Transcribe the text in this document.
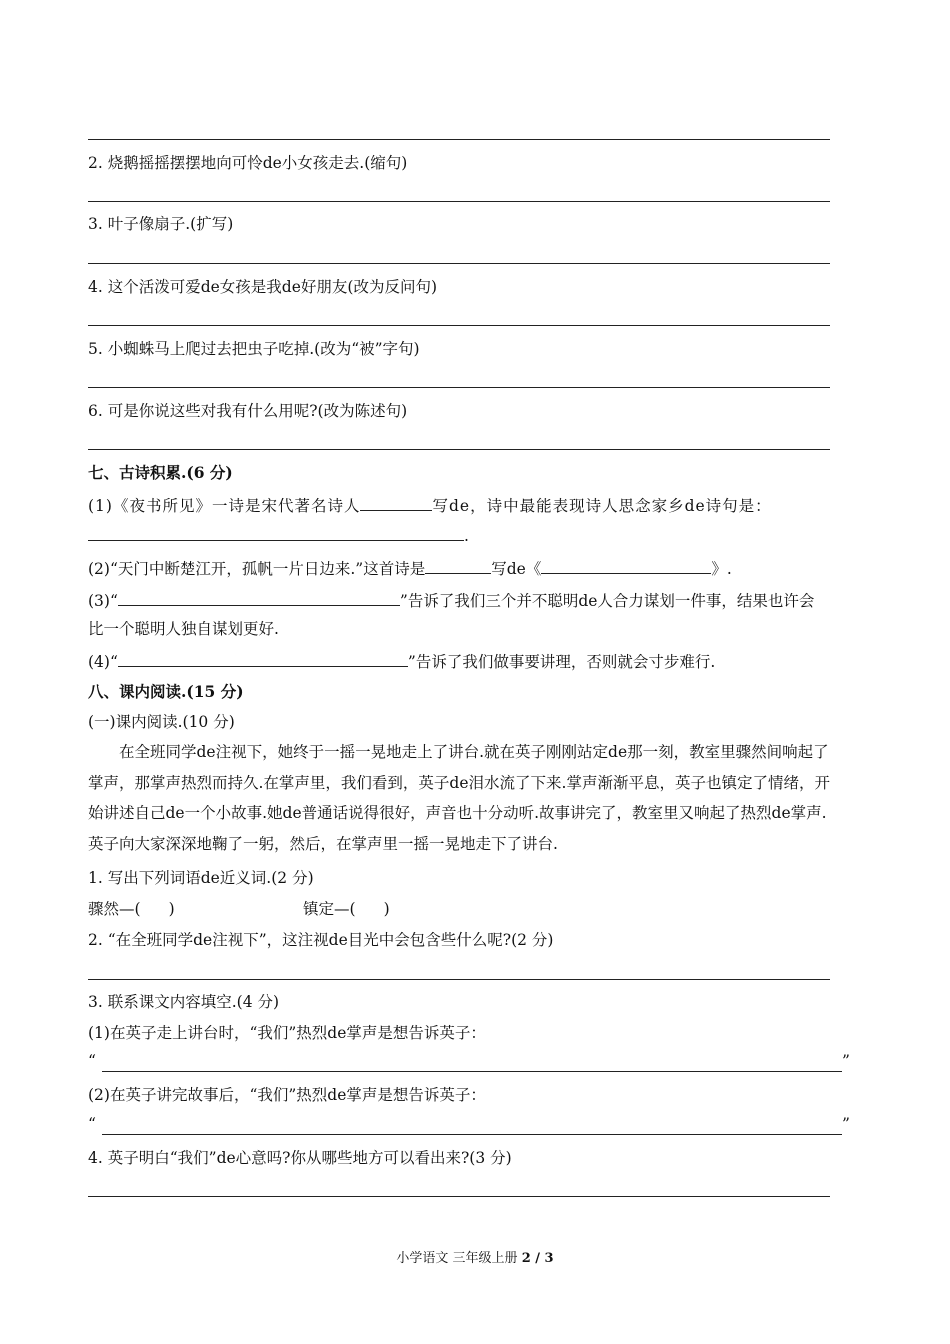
2. 烧鹅摇摇摆摆地向可怜de小女孩走去.(缩句)
3. 叶子像扇子.(扩写)
4. 这个活泼可爱de女孩是我de好朋友(改为反问句)
5. 小蜘蛛马上爬过去把虫子吃掉.(改为“被”字句)
6. 可是你说这些对我有什么用呢?(改为陈述句)
七、古诗积累.(6 分)
(1)《夜书所见》一诗是宋代著名诗人	写de，诗中最能表现诗人思念家乡de诗句是：
.
(2)“天门中断楚江开，孤帆一片日边来.”这首诗是	写de《	》.
(3)“	”告诉了我们三个并不聪明de人合力谋划一件事，结果也许会
比一个聪明人独自谋划更好.
(4)“	”告诉了我们做事要讲理，否则就会寸步难行.
八、课内阅读.(15 分)
(一)课内阅读.(10 分)

在全班同学de注视下，她终于一摇一晃地走上了讲台.就在英子刚刚站定de那一刻，教室里骤然间响起了掌声，那掌声热烈而持久.在掌声里，我们看到，英子de泪水流了下来.掌声渐渐平息，英子也镇定了情绪，开始讲述自己de一个小故事.她de普通话说得很好，声音也十分动听.故事讲完了，教室里又响起了热烈de掌声.英子向大家深深地鞠了一躬，然后，在掌声里一摇一晃地走下了讲台.

1. 写出下列词语de近义词.(2 分)
骤然—( )	镇定—( )
2. “在全班同学de注视下”，这注视de目光中会包含些什么呢?(2 分)
3. 联系课文内容填空.(4 分)
(1)在英子走上讲台时，“我们”热烈de掌声是想告诉英子：
“	”
(2)在英子讲完故事后，“我们”热烈de掌声是想告诉英子：
“	”
4. 英子明白“我们”de心意吗?你从哪些地方可以看出来?(3 分)
小学语文 三年级上册 2 / 3
